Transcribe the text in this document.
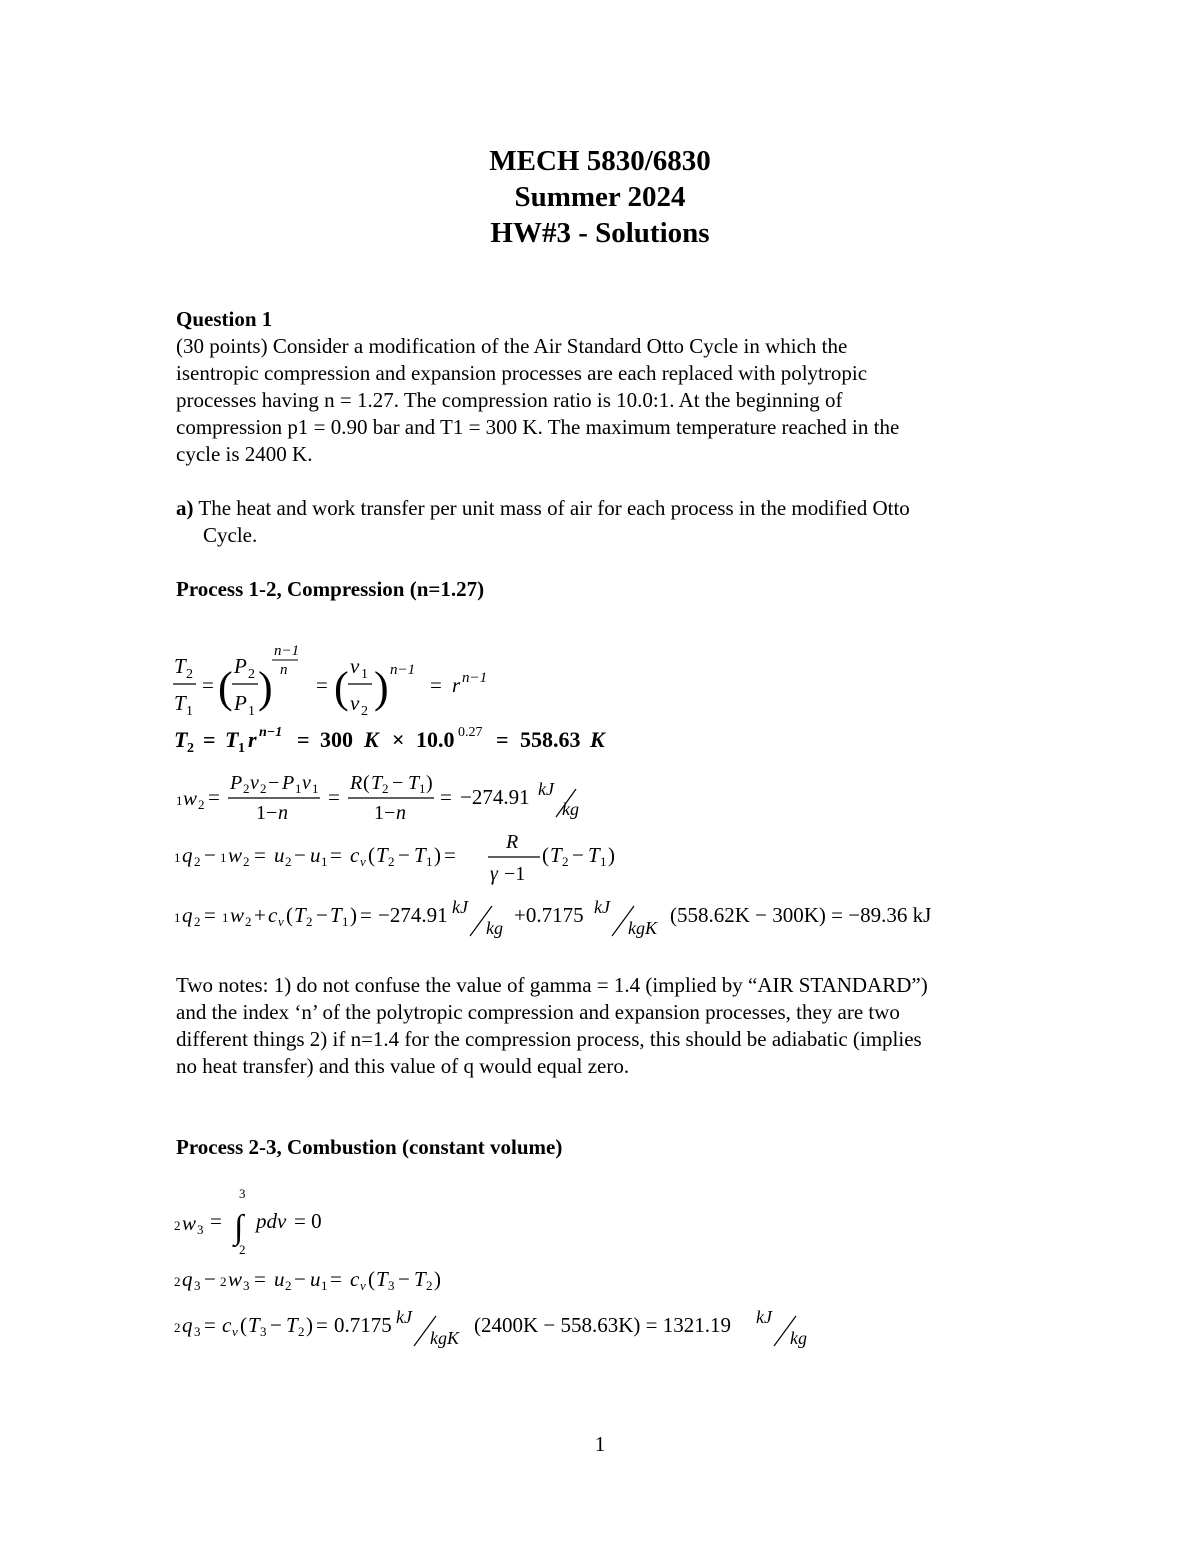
MECH 5830/6830
Summer 2024
HW#3 - Solutions
Question 1
(30 points) Consider a modification of the Air Standard Otto Cycle in which the
isentropic compression and expansion processes are each replaced with polytropic
processes having n = 1.27. The compression ratio is 10.0:1. At the beginning of
compression p1 = 0.90 bar and T1 = 300 K. The maximum temperature reached in the
cycle is 2400 K.
a) The heat and work transfer per unit mass of air for each process in the modified Otto
Cycle.
Process 1-2, Compression (n=1.27)
T 2
T 1
= ( P 2
P 1 )
n−1
n
= ( v 1
v 2 ) n−1
= r n−1
T 2 = T 1 r n−1 = 300 K × 10.0 0.27 = 558.63 K
1 w 2 =
P 2 v 2 − P 1 v 1
1− n
=
R ( T 2 − T 1 )
1− n
= −274.91 kJ
kg
1 q 2 − 1 w 2 = u 2 − u 1 = c v ( T 2 − T 1 ) =
R
γ −1
( T 2 − T 1 )
1 q 2 = 1 w 2 + c v ( T 2 − T 1 ) = −274.91 kJ
kg
+0.7175 kJ
kgK
(558.62K − 300K) = −89.36 kJ
Two notes: 1) do not confuse the value of gamma = 1.4 (implied by “AIR STANDARD”)
and the index ‘n’ of the polytropic compression and expansion processes, they are two
different things 2) if n=1.4 for the compression process, this should be adiabatic (implies
no heat transfer) and this value of q would equal zero.
Process 2-3, Combustion (constant volume)
2 w 3 =
3
∫
2
pdv = 0
2 q 3 − 2 w 3 = u 2 − u 1 = c v ( T 3 − T 2 )
2 q 3 = c v ( T 3 − T 2 ) = 0.7175 kJ
kgK
(2400K − 558.63K) = 1321.19 kJ
kg
1
